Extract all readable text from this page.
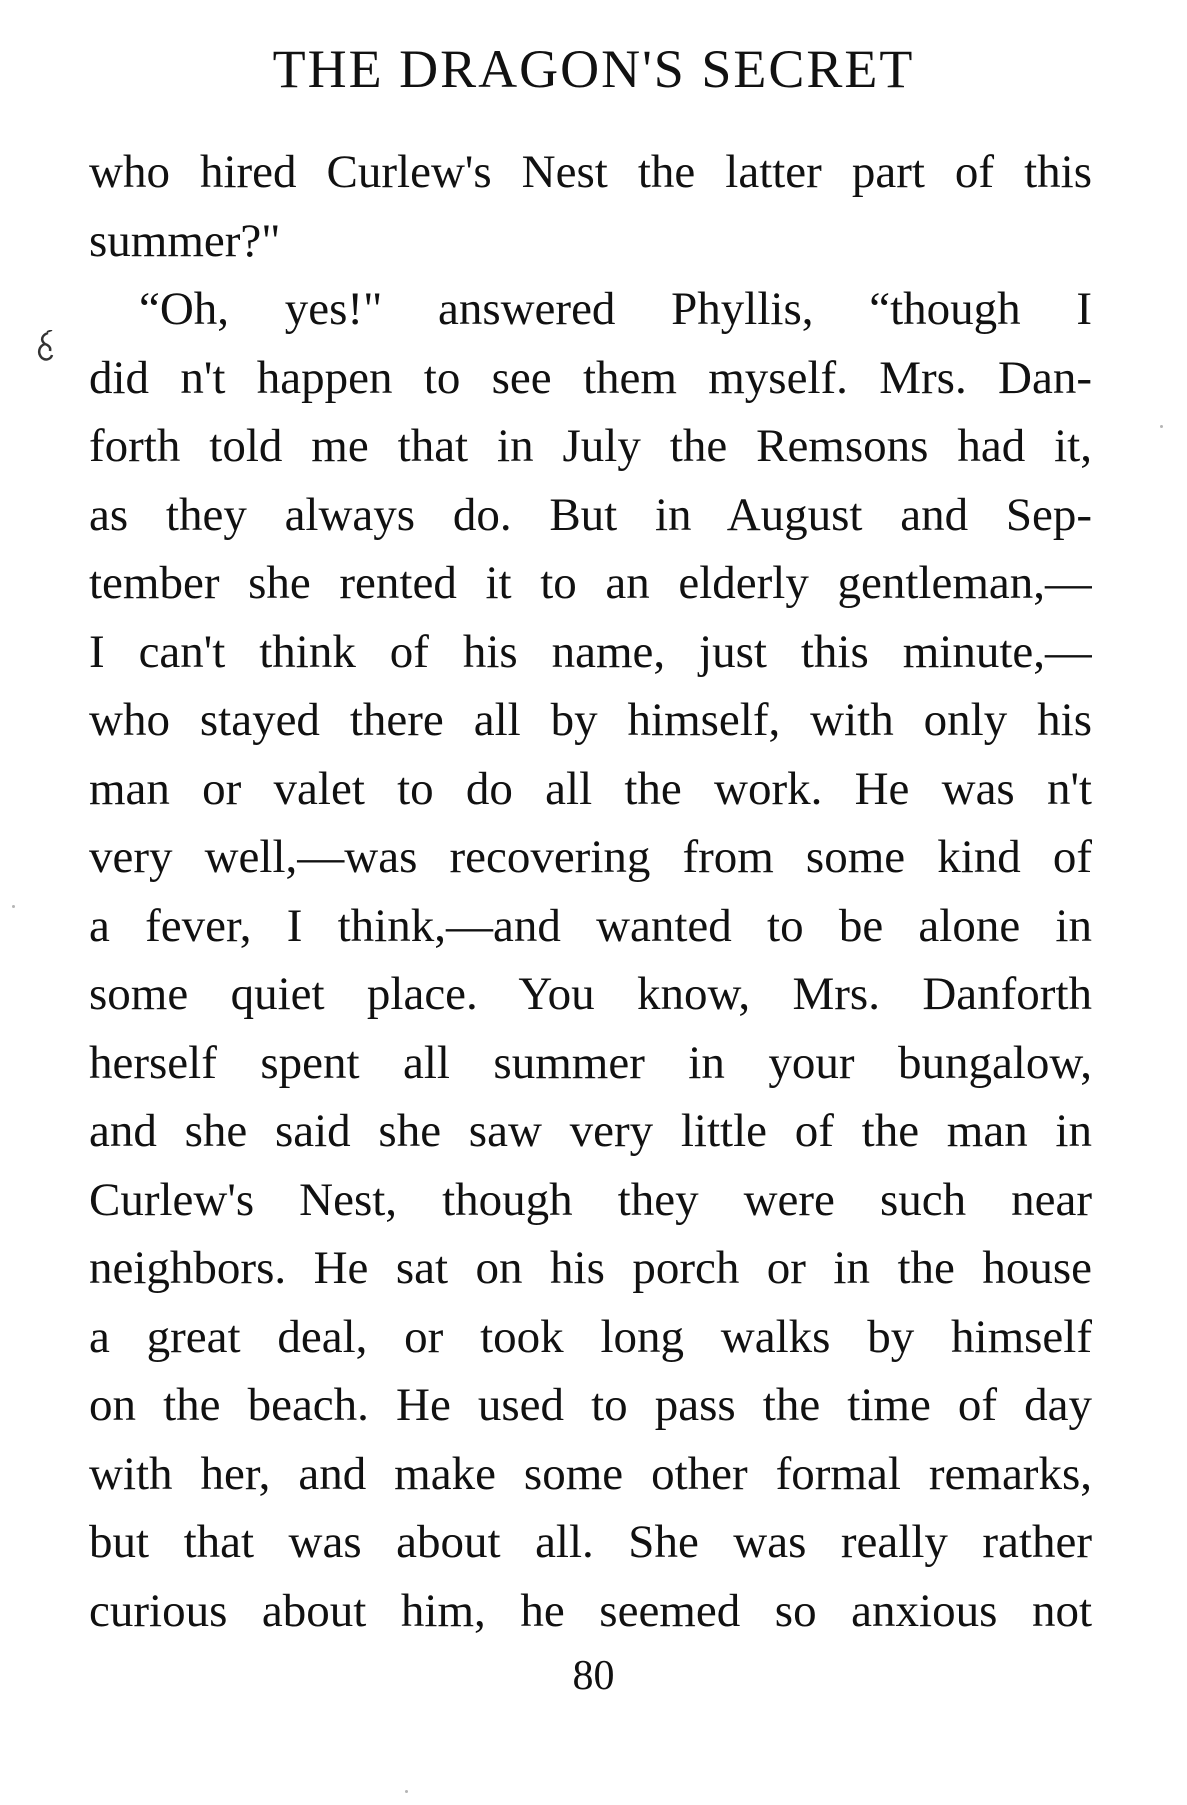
THE DRAGON'S SECRET
who hired Curlew's Nest the latter part of this
summer?"
“Oh, yes!" answered Phyllis, “though I
did n't happen to see them myself. Mrs. Dan-
forth told me that in July the Remsons had it,
as they always do. But in August and Sep-
tember she rented it to an elderly gentleman,—
I can't think of his name, just this minute,—
who stayed there all by himself, with only his
man or valet to do all the work. He was n't
very well,—was recovering from some kind of
a fever, I think,—and wanted to be alone in
some quiet place. You know, Mrs. Danforth
herself spent all summer in your bungalow,
and she said she saw very little of the man in
Curlew's Nest, though they were such near
neighbors. He sat on his porch or in the house
a great deal, or took long walks by himself
on the beach. He used to pass the time of day
with her, and make some other formal remarks,
but that was about all. She was really rather
curious about him, he seemed so anxious not
80
